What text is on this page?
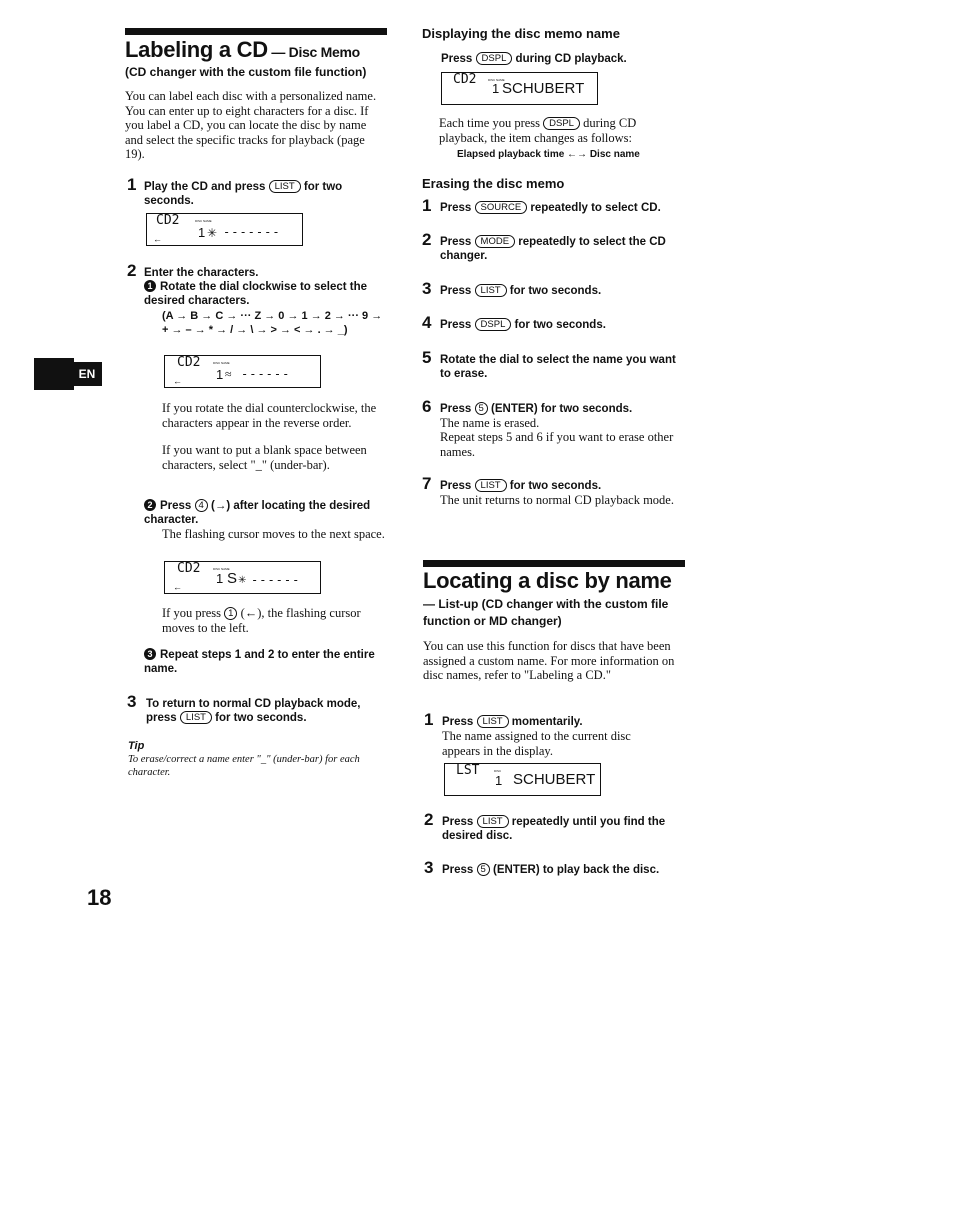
Labeling a CD — Disc Memo
(CD changer with the custom file function)
You can label each disc with a personalized name. You can enter up to eight characters for a disc. If you label a CD, you can locate the disc by name and select the specific tracks for playback (page 19).
1 Play the CD and press LIST for two seconds.
CD2	DISC NAME
1 ✳ -------
←
2 Enter the characters.
1 Rotate the dial clockwise to select the desired characters.
(A → B → C → ··· Z → 0 → 1 → 2 → ··· 9 → + → – → * → / → \ → > → < → . → _)
CD2	DISC NAME
1 ≈ ------
←
If you rotate the dial counterclockwise, the characters appear in the reverse order.
If you want to put a blank space between characters, select "_" (under-bar).
2 Press 4 (→) after locating the desired character.
The flashing cursor moves to the next space.
CD2	DISC NAME
1 S ✳ ------
←
If you press 1 (←), the flashing cursor moves to the left.
3 Repeat steps 1 and 2 to enter the entire name.
3 To return to normal CD playback mode, press LIST for two seconds.
Tip
To erase/correct a name enter "_" (under-bar) for each character.
EN
18
Displaying the disc memo name
Press DSPL during CD playback.
CD2	DISC NAME
1 SCHUBERT
Each time you press DSPL during CD playback, the item changes as follows:
Elapsed playback time ←→ Disc name
Erasing the disc memo
1 Press SOURCE repeatedly to select CD.
2 Press MODE repeatedly to select the CD changer.
3 Press LIST for two seconds.
4 Press DSPL for two seconds.
5 Rotate the dial to select the name you want to erase.
6 Press 5 (ENTER) for two seconds.
The name is erased.
Repeat steps 5 and 6 if you want to erase other names.
7 Press LIST for two seconds.
The unit returns to normal CD playback mode.
Locating a disc by name
— List-up (CD changer with the custom file function or MD changer)
You can use this function for discs that have been assigned a custom name. For more information on disc names, refer to "Labeling a CD."
1 Press LIST momentarily.
The name assigned to the current disc appears in the display.
LST	DISC
1 SCHUBERT
2 Press LIST repeatedly until you find the desired disc.
3 Press 5 (ENTER) to play back the disc.
